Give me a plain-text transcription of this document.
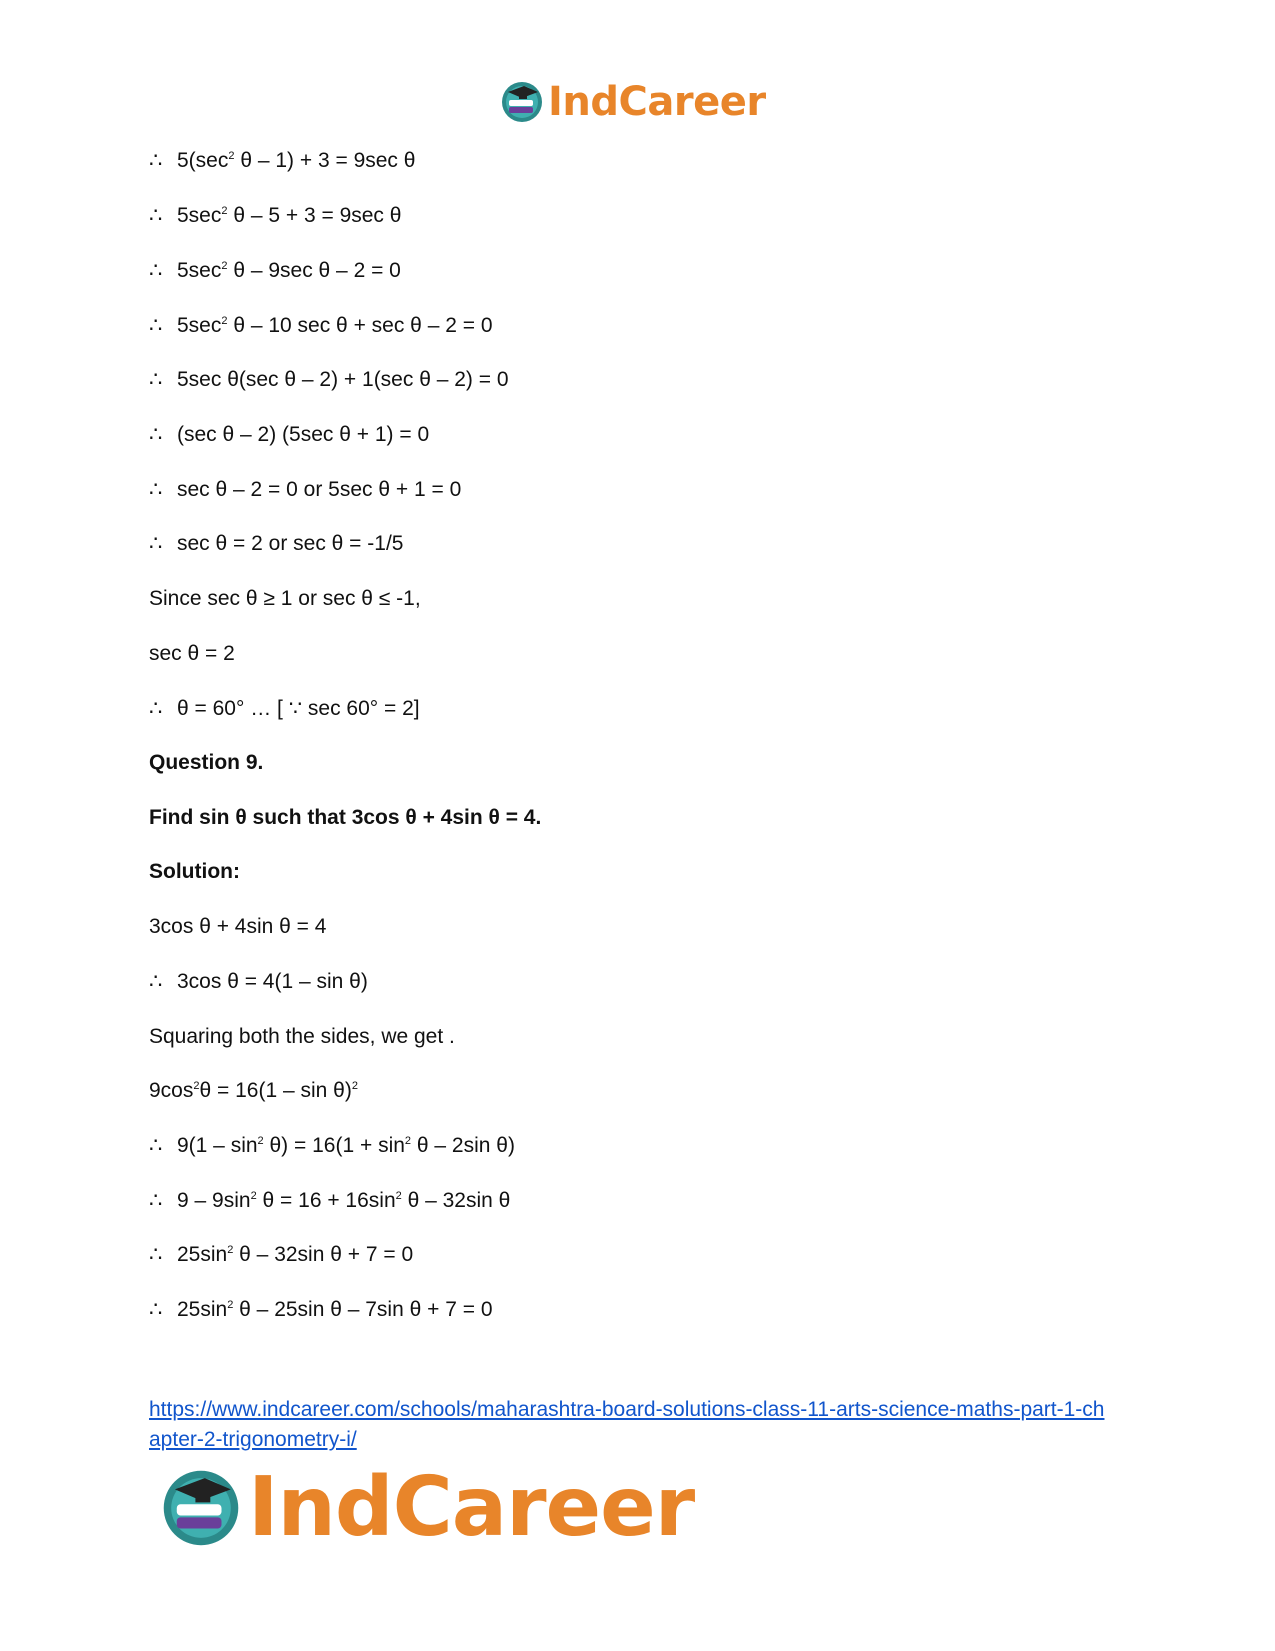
IndCareer
∴ $5(\sec^2$ θ – 1) + 3 = 9sec θ
∴ $5\sec^2$ θ – 5 + 3 = 9sec θ
∴ $5\sec^2$ θ – 9sec θ – 2 = 0
∴ $5\sec^2$ θ – 10 sec θ + sec θ – 2 = 0
∴ 5sec θ(sec θ – 2) + 1(sec θ – 2) = 0
∴ (sec θ – 2) (5sec θ + 1) = 0
∴ sec θ – 2 = 0 or 5sec θ + 1 = 0
∴ sec θ = 2 or sec θ = -1/5
Since sec θ ≥ 1 or sec θ ≤ -1,
sec θ = 2
∴ θ = 60° … [ ∵ sec 60° = 2]
Question 9.
Find sin θ such that 3cos θ + 4sin θ = 4.
Solution:
3cos θ + 4sin θ = 4
∴ 3cos θ = 4(1 – sin θ)
Squaring both the sides, we get .
$9\cos^2\theta = 16(1 - \sin \theta)^2$
∴ $9(1 - \sin^2 \theta) = 16(1 + \sin^2 \theta - 2\sin$ θ)
∴ $9 - 9\sin^2$ $\theta = 16 + 16\sin^2$ θ – 32sin θ
∴ $25\sin^2$ θ – 32sin θ + 7 = 0
∴ $25\sin^2$ θ – 25sin θ – 7sin θ + 7 = 0
https://www.indcareer.com/schools/maharashtra-board-solutions-class-11-arts-science-maths-part-1-chapter-2-trigonometry-i/
IndCareer
